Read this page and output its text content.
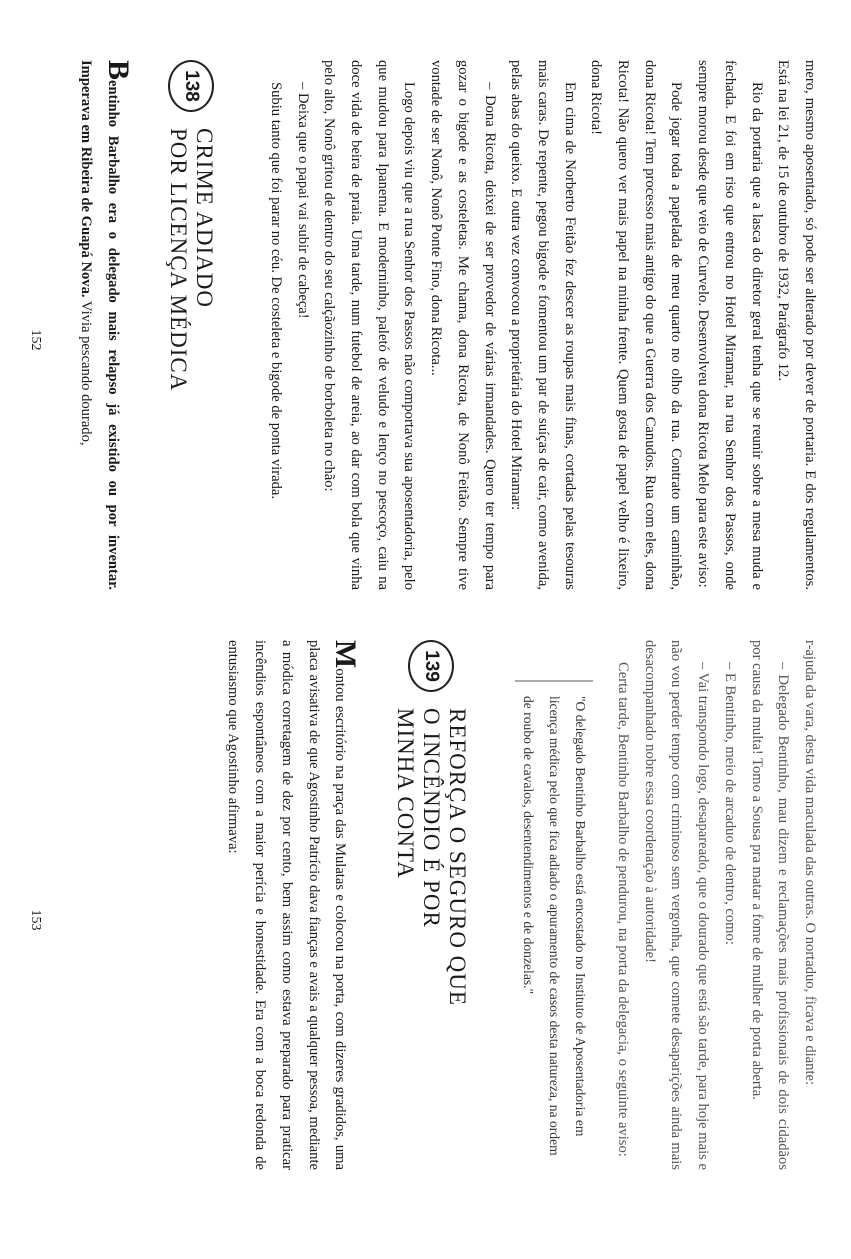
mero, mesmo aposentado, só pode ser alterado por dever de portaria. E dos regulamentos. Está na lei 21, de 15 de outubro de 1932, Parágrafo 12.

Rio da portaria que a lasca do diretor geral tenha que se reunir sobre a mesa muda e fechada. E foi em riso que entrou no Hotel Miramar, na rua Senhor dos Passos, onde sempre morou desde que veio de Curvelo. Desenvolveu dona Ricota Melo para este aviso:

Pode jogar toda a papelada de meu quarto no olho da rua. Contrato um caminhão, dona Ricota! Tem processo mais antigo do que a Guerra dos Canudos. Rua com eles, dona Ricota! Não quero ver mais papel na minha frente. Quem gosta de papel velho é lixeiro, dona Ricota!

Em cima de Norberto Feitão fez descer as roupas mais finas, cortadas pelas tesouras mais caras. De repente, pegou bigode e fomentou um par de suíças de cair, como avenida, pelas abas do queixo. E outra vez convocou a proprietária do Hotel Miramar:

– Dona Ricota, deixei de ser provedor de várias irmandades. Quero ter tempo para gozar o bigode e as costeletas. Me chama, dona Ricota, de Nonô Feitão. Sempre tive vontade de ser Nonô, Nonô Ponte Fino, dona Ricota...

Logo depois viu que a rua Senhor dos Passos não comportava sua aposentadoria, pelo que mudou para Ipanema. E moderninho, paletó de veludo e lenço no pescoço, caiu na doce vida de beira de praia. Uma tarde, num futebol de areia, ao dar com bola que vinha pelo alto, Nonô gritou de dentro do seu calçãozinho de borboleta no chão:

– Deixa que o papai vai subir de cabeça!

Subiu tanto que foi parar no céu. De costeleta e bigode de ponta virada.

138
CRIME ADIADO
POR LICENÇA MÉDICA

Bentinho Barbalho era o delegado mais relapso já existido ou por inventar. Imperava em Ribeira de Guapá Nova. Vivia pescando dourado,

152

r-ajuda da vara, desta vida maculada das outras. O nortaduo, ficava e diante:

– Delegado Bentinho, mau dizem e reclamações mais profissionais de dois cidadãos por causa da multa! Tomo a Sousa pra matar a fome de mulher de porta aberta.

– E Bentinho, meio de arcaduo de dentro, como:

– Vai transpondo logo, desapareado, que o dourado que está são tarde, para hoje mais e não vou perder tempo com criminoso sem vergonha, que comete desaparições ainda mais desacompanhado nobre essa coordenação à autoridade!

Certa tarde, Bentinho Barbalho de pendurou, na porta da delegacia, o seguinte aviso:

"O delegado Bentinho Barbalho está encostado no Instituto de Aposentadoria em licença médica pelo que fica adiado o apuramento de casos desta natureza, na ordem de roubo de cavalos, desentendimentos e de donzelas."
139
REFORÇA O SEGURO QUE
O INCÊNDIO É POR
MINHA CONTA

Montou escritório na praça das Mulatas e colocou na porta, com dizeres gradidos, uma placa avisativa de que Agostinho Patrício dava fianças e avais a qualquer pessoa, mediante a módica corretagem de dez por cento, bem assim como estava preparado para praticar incêndios espontâneos com a maior perícia e honestidade. Era com a boca redonda de entusiasmo que Agostinho afirmava:

153
